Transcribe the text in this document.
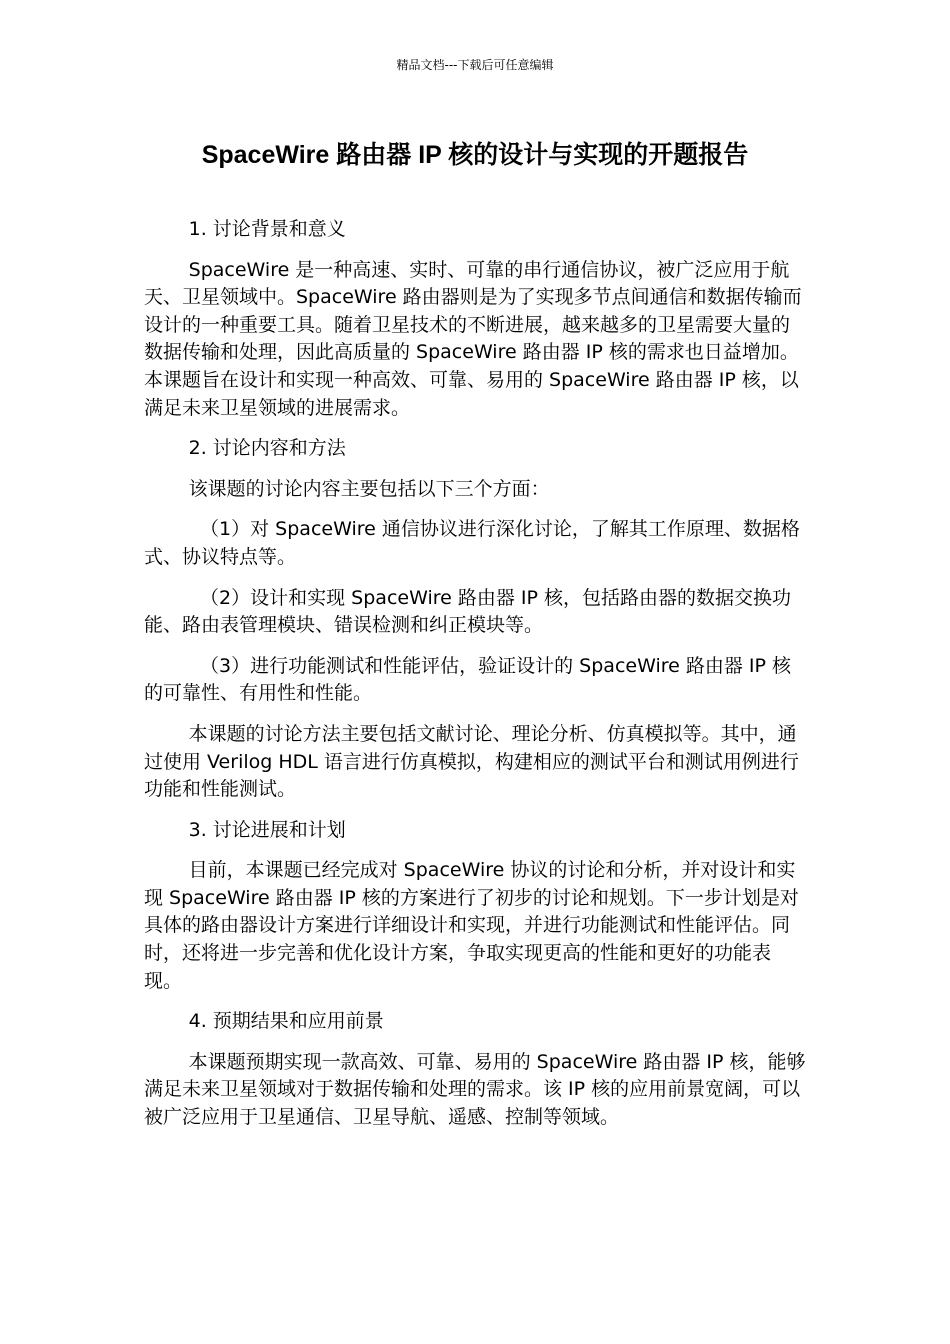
精品文档---下载后可任意编辑
SpaceWire 路由器 IP 核的设计与实现的开题报告

1. 讨论背景和意义

SpaceWire 是一种高速、实时、可靠的串行通信协议，被广泛应用于航天、卫星领域中。SpaceWire 路由器则是为了实现多节点间通信和数据传输而设计的一种重要工具。随着卫星技术的不断进展，越来越多的卫星需要大量的数据传输和处理，因此高质量的 SpaceWire 路由器 IP 核的需求也日益增加。本课题旨在设计和实现一种高效、可靠、易用的 SpaceWire 路由器 IP 核，以满足未来卫星领域的进展需求。

2. 讨论内容和方法

该课题的讨论内容主要包括以下三个方面：

（1）对 SpaceWire 通信协议进行深化讨论，了解其工作原理、数据格式、协议特点等。

（2）设计和实现 SpaceWire 路由器 IP 核，包括路由器的数据交换功能、路由表管理模块、错误检测和纠正模块等。

（3）进行功能测试和性能评估，验证设计的 SpaceWire 路由器 IP 核的可靠性、有用性和性能。

本课题的讨论方法主要包括文献讨论、理论分析、仿真模拟等。其中，通过使用 Verilog HDL 语言进行仿真模拟，构建相应的测试平台和测试用例进行功能和性能测试。

3. 讨论进展和计划

目前，本课题已经完成对 SpaceWire 协议的讨论和分析，并对设计和实现 SpaceWire 路由器 IP 核的方案进行了初步的讨论和规划。下一步计划是对具体的路由器设计方案进行详细设计和实现，并进行功能测试和性能评估。同时，还将进一步完善和优化设计方案，争取实现更高的性能和更好的功能表现。

4. 预期结果和应用前景

本课题预期实现一款高效、可靠、易用的 SpaceWire 路由器 IP 核，能够满足未来卫星领域对于数据传输和处理的需求。该 IP 核的应用前景宽阔，可以被广泛应用于卫星通信、卫星导航、遥感、控制等领域。
